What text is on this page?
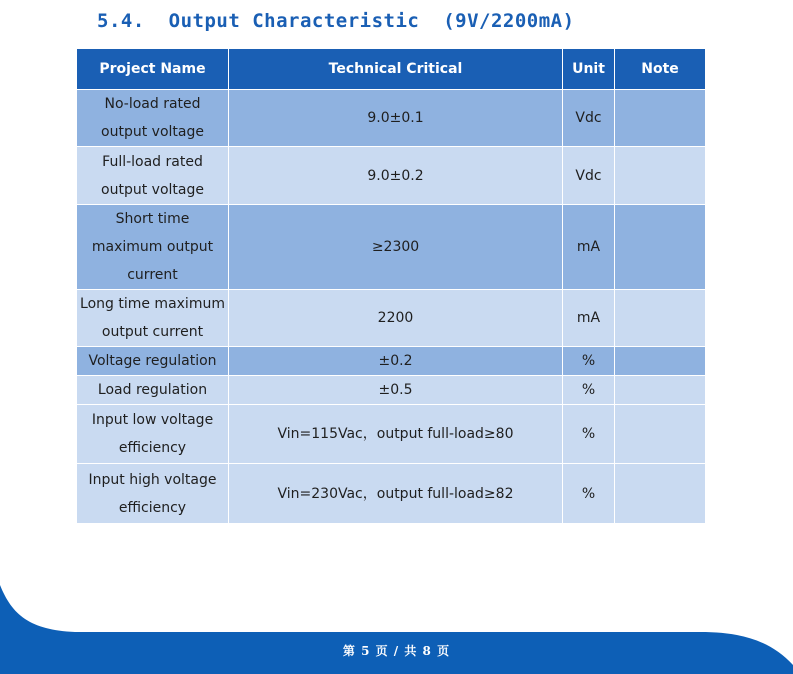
5.4.  Output Characteristic  (9V/2200mA)
Project Name	Technical Critical	Unit	Note
No-load rated output voltage	9.0±0.1	Vdc	
Full-load rated output voltage	9.0±0.2	Vdc	
Short time maximum output current	≥2300	mA	
Long time maximum output current	2200	mA	
Voltage regulation	±0.2	%	
Load regulation	±0.5	%	
Input low voltage efficiency	Vin=115Vac，output full-load≥80	%	
Input high voltage efficiency	Vin=230Vac，output full-load≥82	%	
第 5 页 / 共 8 页
